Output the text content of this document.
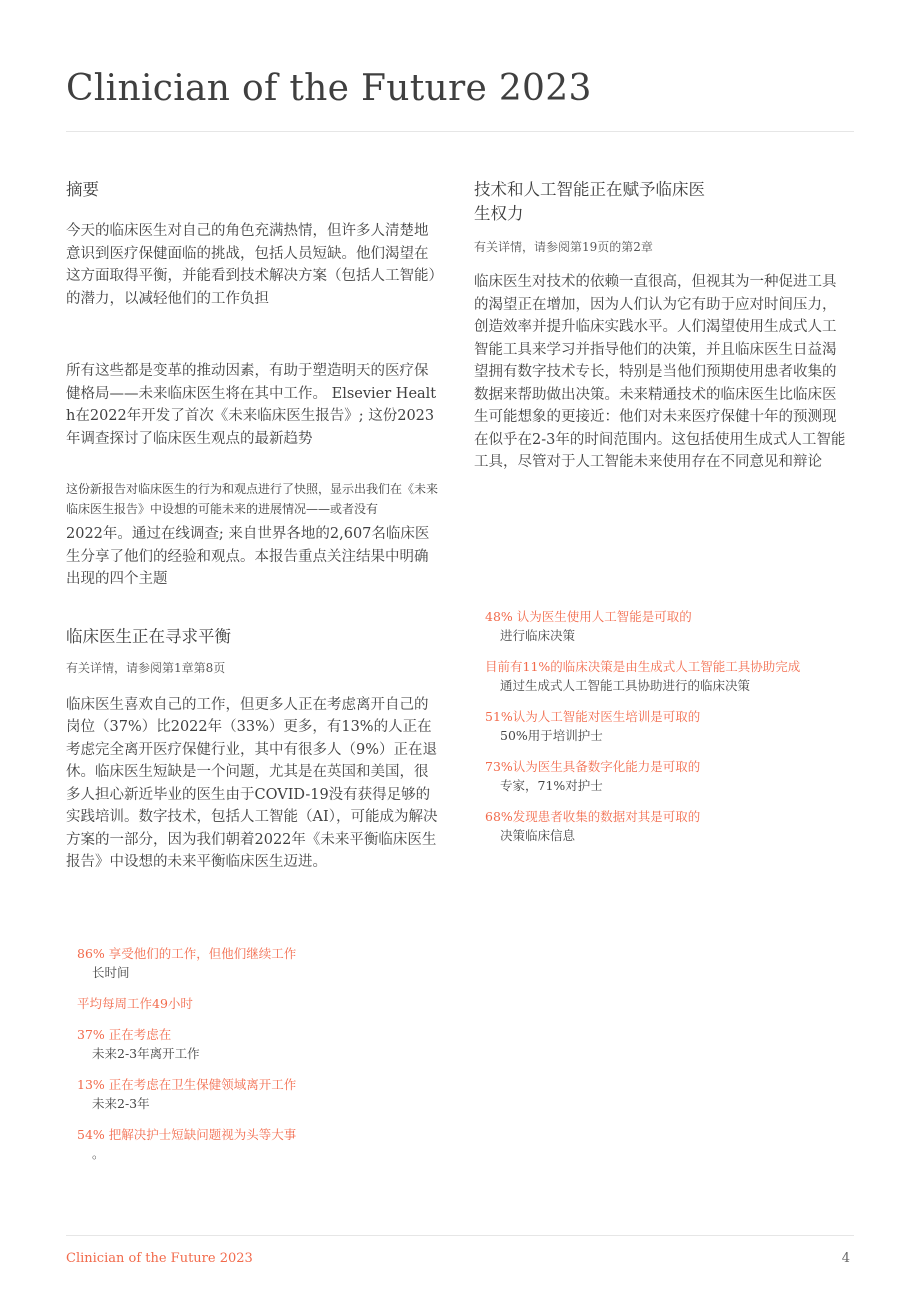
Clinician of the Future 2023
摘要

今天的临床医生对自己的角色充满热情，但许多人清楚地意识到医疗保健面临的挑战，包括人员短缺。他们渴望在这方面取得平衡，并能看到技术解决方案（包括人工智能）的潜力，以减轻他们的工作负担

所有这些都是变革的推动因素，有助于塑造明天的医疗保健格局——未来临床医生将在其中工作。 Elsevier Health在2022年开发了首次《未来临床医生报告》; 这份2023年调查探讨了临床医生观点的最新趋势

这份新报告对临床医生的行为和观点进行了快照，显示出我们在《未来临床医生报告》中设想的可能未来的进展情况——或者没有

2022年。通过在线调查; 来自世界各地的2,607名临床医生分享了他们的经验和观点。本报告重点关注结果中明确出现的四个主题

临床医生正在寻求平衡

有关详情，请参阅第1章第8页

临床医生喜欢自己的工作，但更多人正在考虑离开自己的岗位（37%）比2022年（33%）更多，有13%的人正在考虑完全离开医疗保健行业，其中有很多人（9%）正在退休。临床医生短缺是一个问题，尤其是在英国和美国，很多人担心新近毕业的医生由于COVID-19没有获得足够的实践培训。数字技术，包括人工智能（AI），可能成为解决方案的一部分，因为我们朝着2022年《未来平衡临床医生报告》中设想的未来平衡临床医生迈进。

86% 享受他们的工作，但他们继续工作
长时间
平均每周工作49小时
37% 正在考虑在
未来2-3年离开工作
13% 正在考虑在卫生保健领域离开工作
未来2-3年
54% 把解决护士短缺问题视为头等大事
。
技术和人工智能正在赋予临床医生权力

有关详情，请参阅第19页的第2章

临床医生对技术的依赖一直很高，但视其为一种促进工具的渴望正在增加，因为人们认为它有助于应对时间压力，创造效率并提升临床实践水平。人们渴望使用生成式人工智能工具来学习并指导他们的决策，并且临床医生日益渴望拥有数字技术专长，特别是当他们预期使用患者收集的数据来帮助做出决策。未来精通技术的临床医生比临床医生可能想象的更接近：他们对未来医疗保健十年的预测现在似乎在2-3年的时间范围内。这包括使用生成式人工智能工具，尽管对于人工智能未来使用存在不同意见和辩论

48% 认为医生使用人工智能是可取的
进行临床决策
目前有11%的临床决策是由生成式人工智能工具协助完成
通过生成式人工智能工具协助进行的临床决策
51%认为人工智能对医生培训是可取的
50%用于培训护士
73%认为医生具备数字化能力是可取的
专家，71%对护士
68%发现患者收集的数据对其是可取的
决策临床信息
Clinician of the Future 2023	4
